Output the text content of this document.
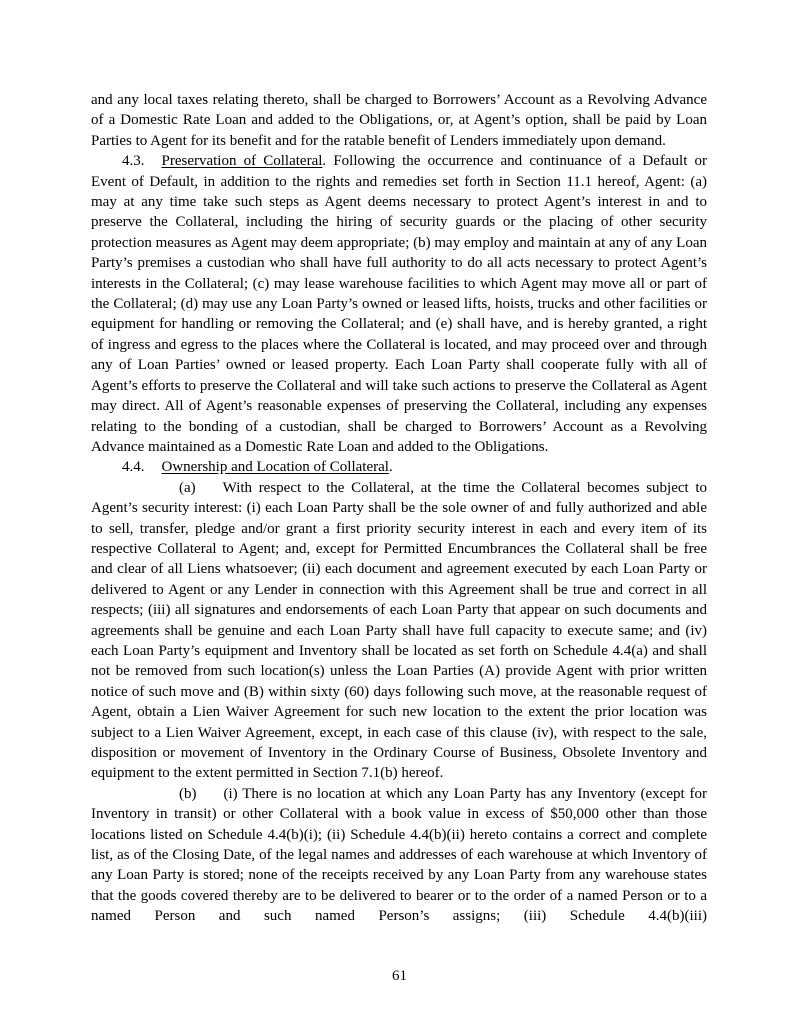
and any local taxes relating thereto, shall be charged to Borrowers’ Account as a Revolving Advance of a Domestic Rate Loan and added to the Obligations, or, at Agent’s option, shall be paid by Loan Parties to Agent for its benefit and for the ratable benefit of Lenders immediately upon demand.

4.3. Preservation of Collateral. Following the occurrence and continuance of a Default or Event of Default, in addition to the rights and remedies set forth in Section 11.1 hereof, Agent: (a) may at any time take such steps as Agent deems necessary to protect Agent’s interest in and to preserve the Collateral, including the hiring of security guards or the placing of other security protection measures as Agent may deem appropriate; (b) may employ and maintain at any of any Loan Party’s premises a custodian who shall have full authority to do all acts necessary to protect Agent’s interests in the Collateral; (c) may lease warehouse facilities to which Agent may move all or part of the Collateral; (d) may use any Loan Party’s owned or leased lifts, hoists, trucks and other facilities or equipment for handling or removing the Collateral; and (e) shall have, and is hereby granted, a right of ingress and egress to the places where the Collateral is located, and may proceed over and through any of Loan Parties’ owned or leased property. Each Loan Party shall cooperate fully with all of Agent’s efforts to preserve the Collateral and will take such actions to preserve the Collateral as Agent may direct. All of Agent’s reasonable expenses of preserving the Collateral, including any expenses relating to the bonding of a custodian, shall be charged to Borrowers’ Account as a Revolving Advance maintained as a Domestic Rate Loan and added to the Obligations.

4.4. Ownership and Location of Collateral.

(a) With respect to the Collateral, at the time the Collateral becomes subject to Agent’s security interest: (i) each Loan Party shall be the sole owner of and fully authorized and able to sell, transfer, pledge and/or grant a first priority security interest in each and every item of its respective Collateral to Agent; and, except for Permitted Encumbrances the Collateral shall be free and clear of all Liens whatsoever; (ii) each document and agreement executed by each Loan Party or delivered to Agent or any Lender in connection with this Agreement shall be true and correct in all respects; (iii) all signatures and endorsements of each Loan Party that appear on such documents and agreements shall be genuine and each Loan Party shall have full capacity to execute same; and (iv) each Loan Party’s equipment and Inventory shall be located as set forth on Schedule 4.4(a) and shall not be removed from such location(s) unless the Loan Parties (A) provide Agent with prior written notice of such move and (B) within sixty (60) days following such move, at the reasonable request of Agent, obtain a Lien Waiver Agreement for such new location to the extent the prior location was subject to a Lien Waiver Agreement, except, in each case of this clause (iv), with respect to the sale, disposition or movement of Inventory in the Ordinary Course of Business, Obsolete Inventory and equipment to the extent permitted in Section 7.1(b) hereof.

(b) (i) There is no location at which any Loan Party has any Inventory (except for Inventory in transit) or other Collateral with a book value in excess of $50,000 other than those locations listed on Schedule 4.4(b)(i); (ii) Schedule 4.4(b)(ii) hereto contains a correct and complete list, as of the Closing Date, of the legal names and addresses of each warehouse at which Inventory of any Loan Party is stored; none of the receipts received by any Loan Party from any warehouse states that the goods covered thereby are to be delivered to bearer or to the order of a named Person or to a named Person and such named Person’s assigns; (iii) Schedule 4.4(b)(iii)

61
